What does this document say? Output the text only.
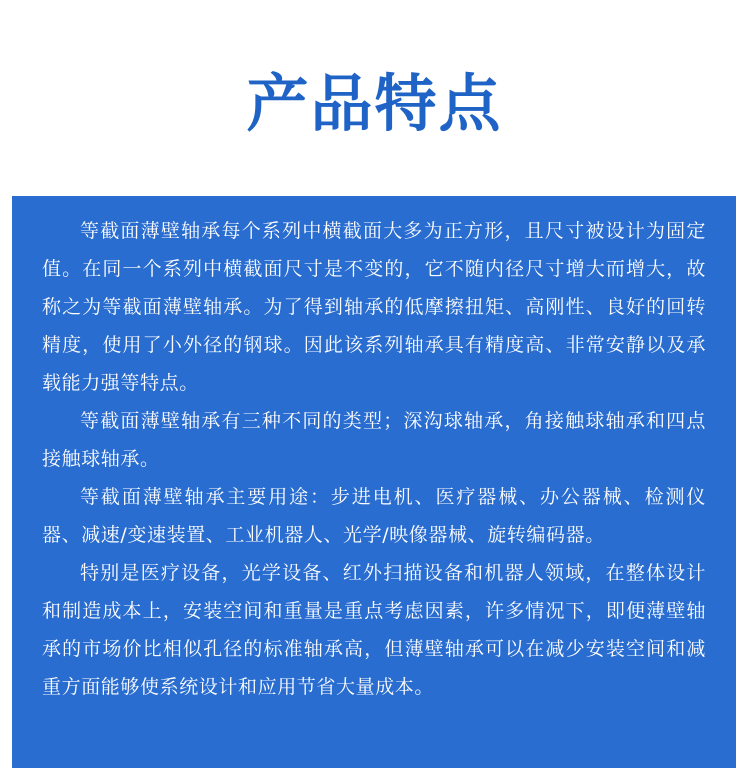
产品特点

等截面薄壁轴承每个系列中横截面大多为正方形，且尺寸被设计为固定值。在同一个系列中横截面尺寸是不变的，它不随内径尺寸增大而增大，故称之为等截面薄壁轴承。为了得到轴承的低摩擦扭矩、高刚性、良好的回转精度，使用了小外径的钢球。因此该系列轴承具有精度高、非常安静以及承载能力强等特点。

等截面薄壁轴承有三种不同的类型；深沟球轴承，角接触球轴承和四点接触球轴承。

等截面薄壁轴承主要用途：步进电机、医疗器械、办公器械、检测仪器、减速/变速装置、工业机器人、光学/映像器械、旋转编码器。

特别是医疗设备，光学设备、红外扫描设备和机器人领域，在整体设计和制造成本上，安装空间和重量是重点考虑因素，许多情况下，即便薄壁轴承的市场价比相似孔径的标准轴承高，但薄壁轴承可以在减少安装空间和减重方面能够使系统设计和应用节省大量成本。
